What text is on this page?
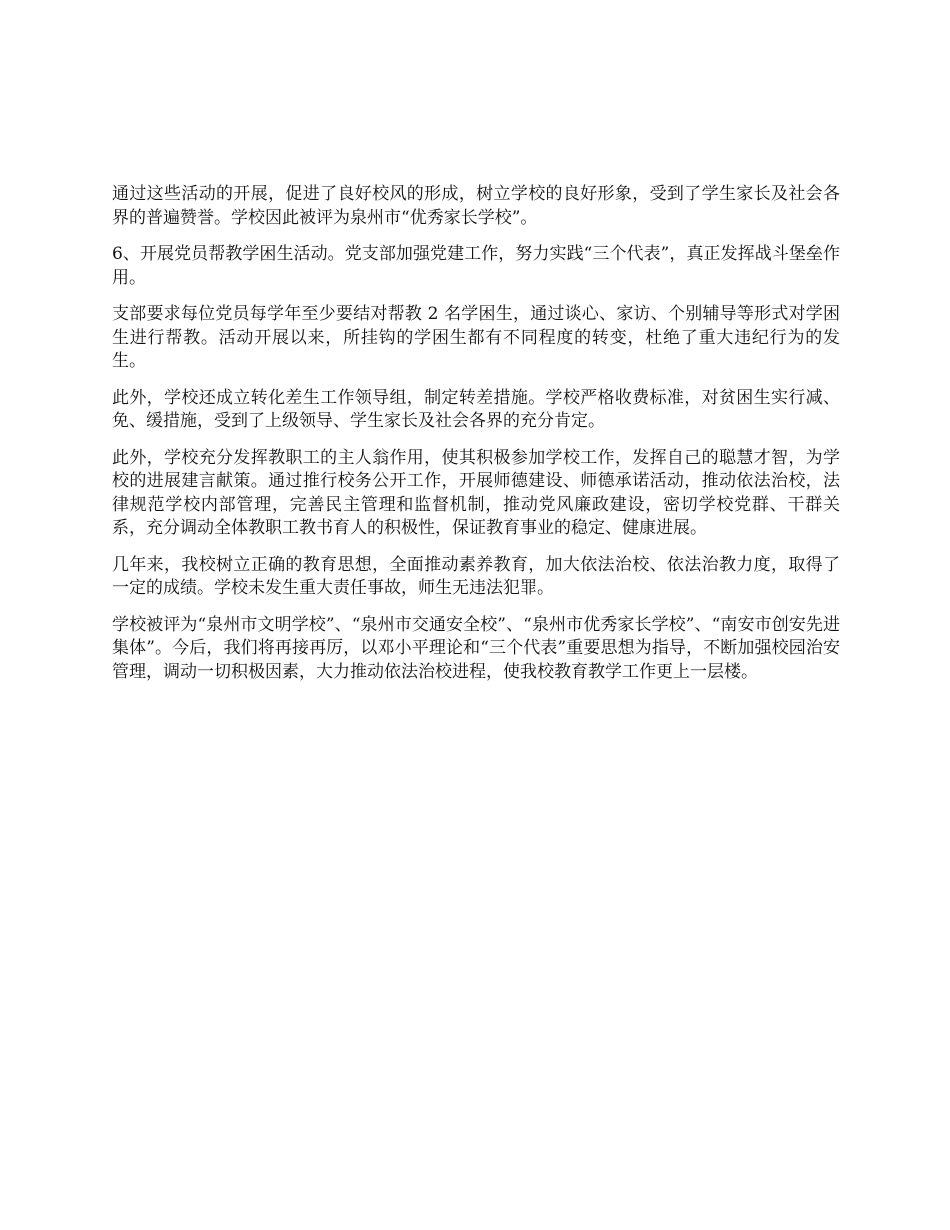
通过这些活动的开展，促进了良好校风的形成，树立学校的良好形象，受到了学生家长及社会各界的普遍赞誉。学校因此被评为泉州市“优秀家长学校”。

6、开展党员帮教学困生活动。党支部加强党建工作，努力实践“三个代表”，真正发挥战斗堡垒作用。

支部要求每位党员每学年至少要结对帮教 2 名学困生，通过谈心、家访、个别辅导等形式对学困生进行帮教。活动开展以来，所挂钩的学困生都有不同程度的转变，杜绝了重大违纪行为的发生。

此外，学校还成立转化差生工作领导组，制定转差措施。学校严格收费标准，对贫困生实行减、免、缓措施，受到了上级领导、学生家长及社会各界的充分肯定。

此外，学校充分发挥教职工的主人翁作用，使其积极参加学校工作，发挥自己的聪慧才智，为学校的进展建言献策。通过推行校务公开工作，开展师德建设、师德承诺活动，推动依法治校，法律规范学校内部管理，完善民主管理和监督机制，推动党风廉政建设，密切学校党群、干群关系，充分调动全体教职工教书育人的积极性，保证教育事业的稳定、健康进展。

几年来，我校树立正确的教育思想，全面推动素养教育，加大依法治校、依法治教力度，取得了一定的成绩。学校未发生重大责任事故，师生无违法犯罪。

学校被评为“泉州市文明学校”、“泉州市交通安全校”、“泉州市优秀家长学校”、“南安市创安先进集体”。今后，我们将再接再厉，以邓小平理论和“三个代表”重要思想为指导，不断加强校园治安管理，调动一切积极因素，大力推动依法治校进程，使我校教育教学工作更上一层楼。
